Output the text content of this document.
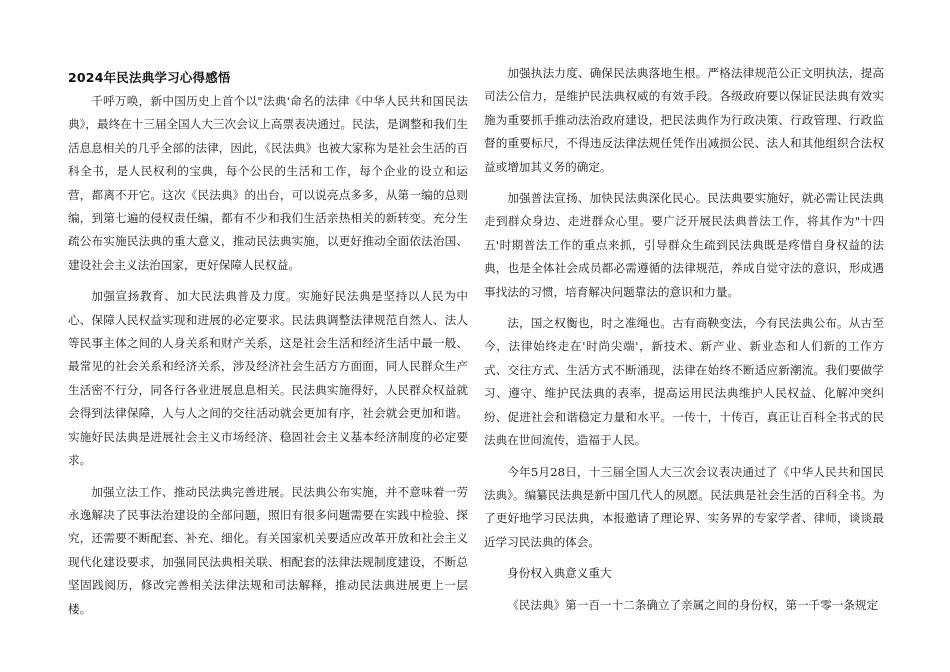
2024年民法典学习心得感悟

千呼万唤，新中国历史上首个以"法典'命名的法律《中华人民共和国民法典》，最终在十三届全国人大三次会议上高票表决通过。民法，是调整和我们生活息息相关的几乎全部的法律，因此，《民法典》也被大家称为是社会生活的百科全书，是人民权利的宝典，每个公民的生活和工作，每个企业的设立和运营，都离不开它。这次《民法典》的出台，可以说亮点多多，从第一编的总则编，到第七遍的侵权责任编，都有不少和我们生活亲热相关的新转变。充分生疏公布实施民法典的重大意义，推动民法典实施，以更好推动全面依法治国、建设社会主义法治国家，更好保障人民权益。

加强宣扬教育、加大民法典普及力度。实施好民法典是坚持以人民为中心、保障人民权益实现和进展的必定要求。民法典调整法律规范自然人、法人等民事主体之间的人身关系和财产关系，这是社会生活和经济生活中最一般、最常见的社会关系和经济关系，涉及经济社会生活方方面面，同人民群众生产生活密不行分，同各行各业进展息息相关。民法典实施得好，人民群众权益就会得到法律保障，人与人之间的交往活动就会更加有序，社会就会更加和谐。实施好民法典是进展社会主义市场经济、稳固社会主义基本经济制度的必定要求。

加强立法工作、推动民法典完善进展。民法典公布实施，并不意味着一劳永逸解决了民事法治建设的全部问题，照旧有很多问题需要在实践中检验、探究，还需要不断配套、补充、细化。有关国家机关要适应改革开放和社会主义现代化建设要求，加强同民法典相关联、相配套的法律法规制度建设，不断总坚固践阅历，修改完善相关法律法规和司法解释，推动民法典进展更上一层楼。

加强执法力度、确保民法典落地生根。严格法律规范公正文明执法，提高司法公信力，是维护民法典权威的有效手段。各级政府要以保证民法典有效实施为重要抓手推动法治政府建设，把民法典作为行政决策、行政管理、行政监督的重要标尺，不得违反法律法规任凭作出减损公民、法人和其他组织合法权益或增加其义务的确定。

加强普法宣扬、加快民法典深化民心。民法典要实施好，就必需让民法典走到群众身边、走进群众心里。要广泛开展民法典普法工作，将其作为"十四五'时期普法工作的重点来抓，引导群众生疏到民法典既是疼惜自身权益的法典，也是全体社会成员都必需遵循的法律规范，养成自觉守法的意识，形成遇事找法的习惯，培育解决问题靠法的意识和力量。

法，国之权衡也，时之准绳也。古有商鞅变法，今有民法典公布。从古至今，法律始终走在'时尚尖端'，新技术、新产业、新业态和人们新的工作方式、交往方式、生活方式不断涌现，法律在始终不断适应新潮流。我们要做学习、遵守、维护民法典的表率，提高运用民法典维护人民权益、化解冲突纠纷、促进社会和谐稳定力量和水平。一传十，十传百，真正让百科全书式的民法典在世间流传，造福于人民。

今年5月28日，十三届全国人大三次会议表决通过了《中华人民共和国民法典》。编纂民法典是新中国几代人的夙愿。民法典是社会生活的百科全书。为了更好地学习民法典，本报邀请了理论界、实务界的专家学者、律师，谈谈最近学习民法典的体会。

身份权入典意义重大

《民法典》第一百一十二条确立了亲属之间的身份权，第一千零一条规定
